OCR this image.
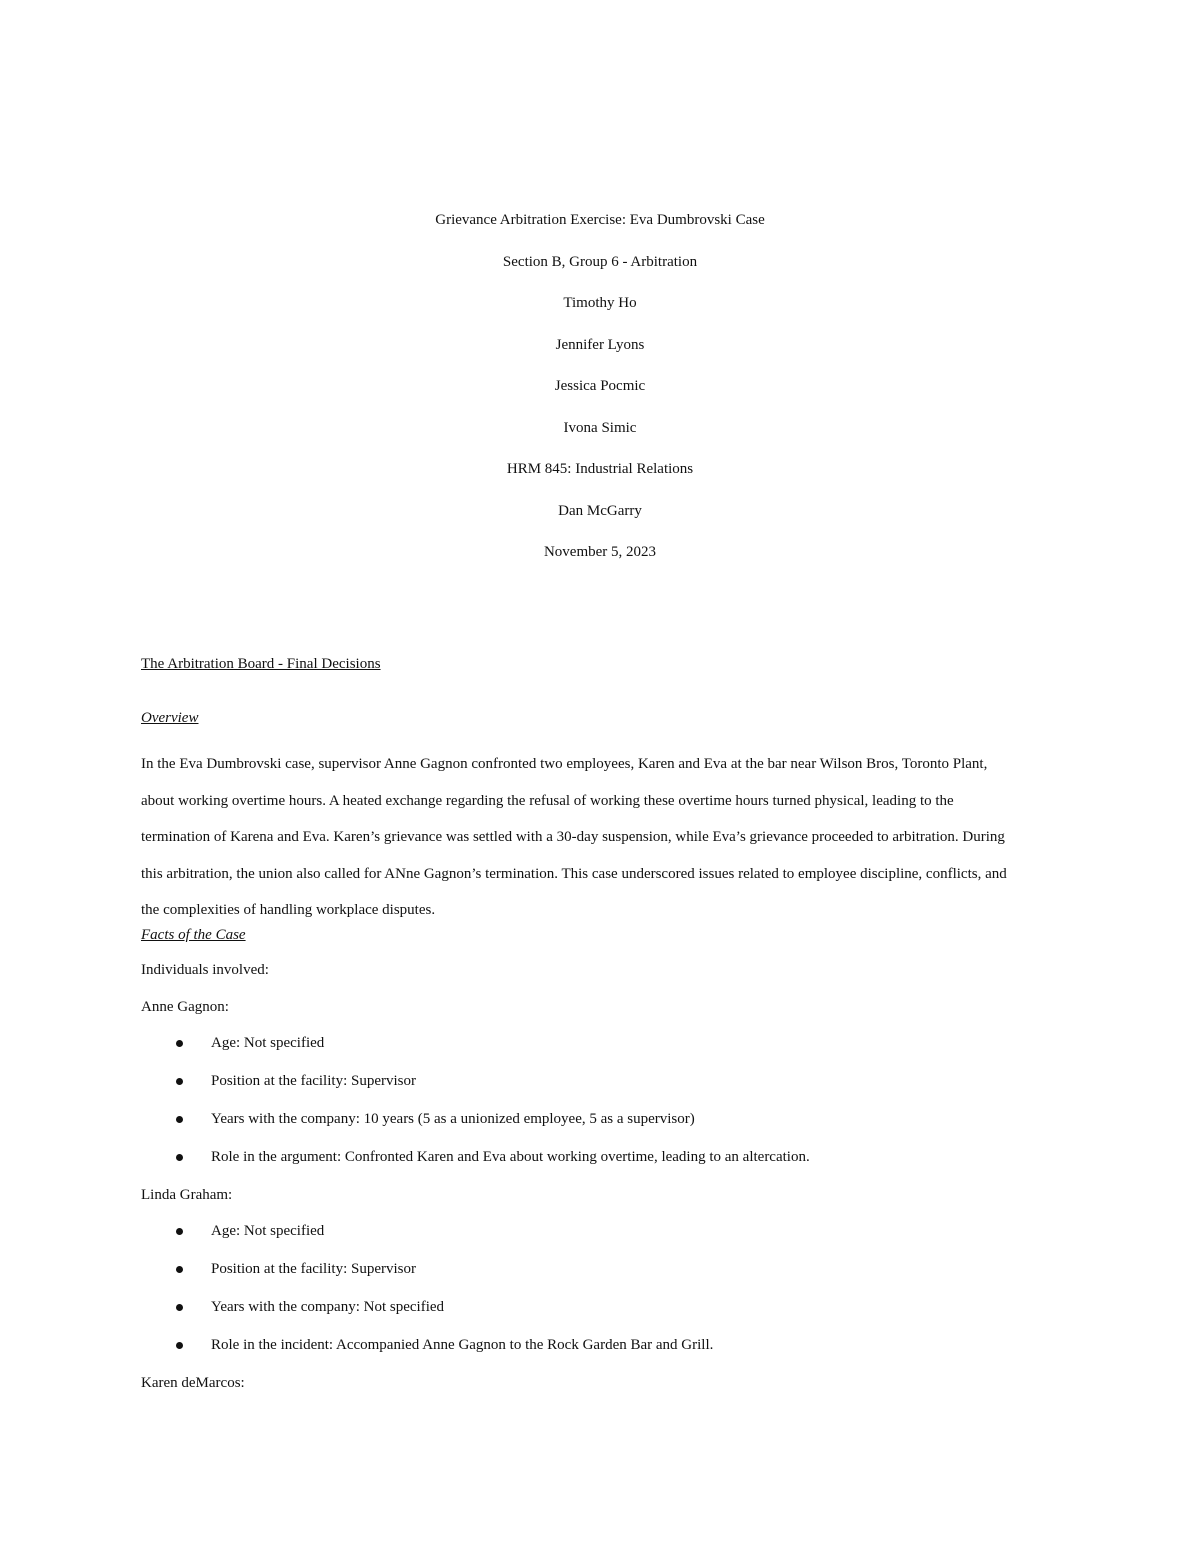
Grievance Arbitration Exercise: Eva Dumbrovski Case
Section B, Group 6 - Arbitration
Timothy Ho
Jennifer Lyons
Jessica Pocmic
Ivona Simic
HRM 845: Industrial Relations
Dan McGarry
November 5, 2023
The Arbitration Board - Final Decisions
Overview
In the Eva Dumbrovski case, supervisor Anne Gagnon confronted two employees, Karen and Eva at the bar near Wilson Bros, Toronto Plant,
about working overtime hours. A heated exchange regarding the refusal of working these overtime hours turned physical, leading to the
termination of Karena and Eva. Karen’s grievance was settled with a 30-day suspension, while Eva’s grievance proceeded to arbitration. During
this arbitration, the union also called for ANne Gagnon’s termination. This case underscored issues related to employee discipline, conflicts, and
the complexities of handling workplace disputes.
Facts of the Case
Individuals involved:
Anne Gagnon:
Age: Not specified
Position at the facility: Supervisor
Years with the company: 10 years (5 as a unionized employee, 5 as a supervisor)
Role in the argument: Confronted Karen and Eva about working overtime, leading to an altercation.
Linda Graham:
Age: Not specified
Position at the facility: Supervisor
Years with the company: Not specified
Role in the incident: Accompanied Anne Gagnon to the Rock Garden Bar and Grill.
Karen deMarcos:
